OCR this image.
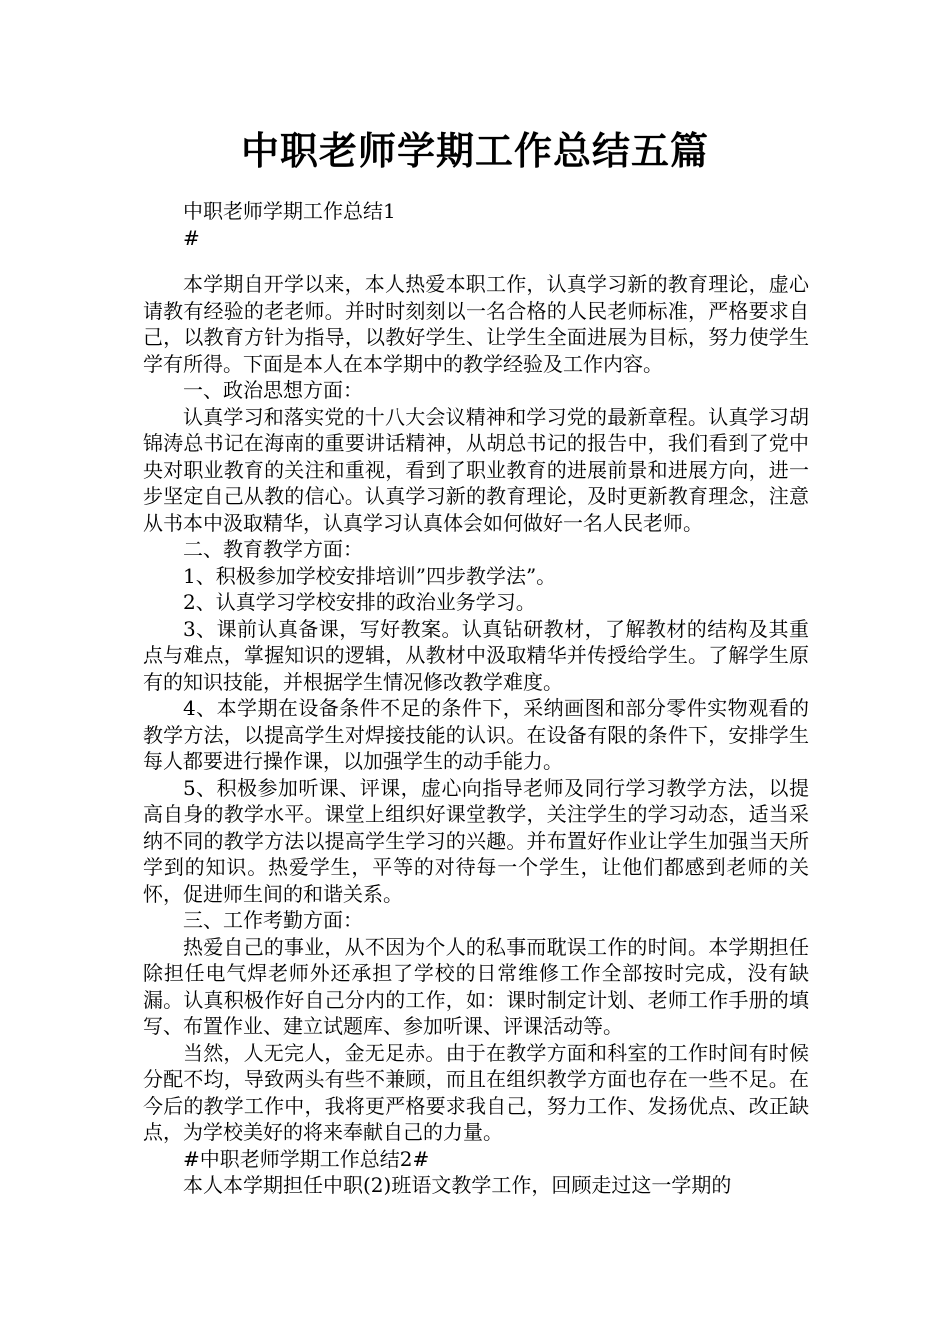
中职老师学期工作总结五篇

中职老师学期工作总结1

#

本学期自开学以来，本人热爱本职工作，认真学习新的教育理论，虚心请教有经验的老老师。并时时刻刻以一名合格的人民老师标准，严格要求自己，以教育方针为指导，以教好学生、让学生全面进展为目标，努力使学生学有所得。下面是本人在本学期中的教学经验及工作内容。

一、政治思想方面：

认真学习和落实党的十八大会议精神和学习党的最新章程。认真学习胡锦涛总书记在海南的重要讲话精神，从胡总书记的报告中，我们看到了党中央对职业教育的关注和重视，看到了职业教育的进展前景和进展方向，进一步坚定自己从教的信心。认真学习新的教育理论，及时更新教育理念，注意从书本中汲取精华，认真学习认真体会如何做好一名人民老师。

二、教育教学方面：

1、积极参加学校安排培训”四步教学法”。

2、认真学习学校安排的政治业务学习。

3、课前认真备课，写好教案。认真钻研教材，了解教材的结构及其重点与难点，掌握知识的逻辑，从教材中汲取精华并传授给学生。了解学生原有的知识技能，并根据学生情况修改教学难度。

4、本学期在设备条件不足的条件下，采纳画图和部分零件实物观看的教学方法，以提高学生对焊接技能的认识。在设备有限的条件下，安排学生每人都要进行操作课，以加强学生的动手能力。

5、积极参加听课、评课，虚心向指导老师及同行学习教学方法，以提高自身的教学水平。课堂上组织好课堂教学，关注学生的学习动态，适当采纳不同的教学方法以提高学生学习的兴趣。并布置好作业让学生加强当天所学到的知识。热爱学生，平等的对待每一个学生，让他们都感到老师的关怀，促进师生间的和谐关系。

三、工作考勤方面：

热爱自己的事业，从不因为个人的私事而耽误工作的时间。本学期担任除担任电气焊老师外还承担了学校的日常维修工作全部按时完成，没有缺漏。认真积极作好自己分内的工作，如：课时制定计划、老师工作手册的填写、布置作业、建立试题库、参加听课、评课活动等。

当然，人无完人，金无足赤。由于在教学方面和科室的工作时间有时候分配不均，导致两头有些不兼顾，而且在组织教学方面也存在一些不足。在今后的教学工作中，我将更严格要求我自己，努力工作、发扬优点、改正缺点，为学校美好的将来奉献自己的力量。

#中职老师学期工作总结2#

本人本学期担任中职(2)班语文教学工作，回顾走过这一学期的
